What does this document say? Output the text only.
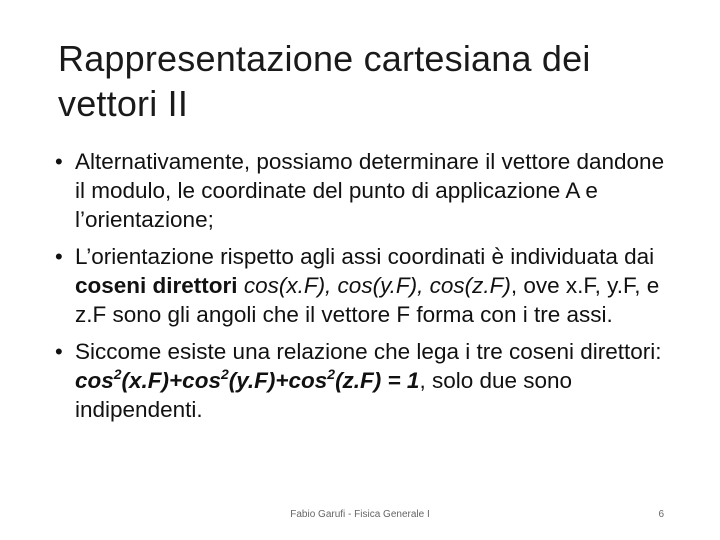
Rappresentazione cartesiana dei
vettori II
• Alternativamente, possiamo determinare il vettore dandone il modulo, le coordinate del punto di applicazione A e l’orientazione;
• L’orientazione rispetto agli assi coordinati è individuata dai coseni direttori cos(x.F), cos(y.F), cos(z.F), ove x.F, y.F, e z.F sono gli angoli che il vettore F forma con i tre assi.
• Siccome esiste una relazione che lega i tre coseni direttori: $\cos^2(x.F)+\cos^2(y.F)+\cos^2(z.F) = 1$, solo due sono indipendenti.
Fabio Garufi - Fisica Generale I	6
